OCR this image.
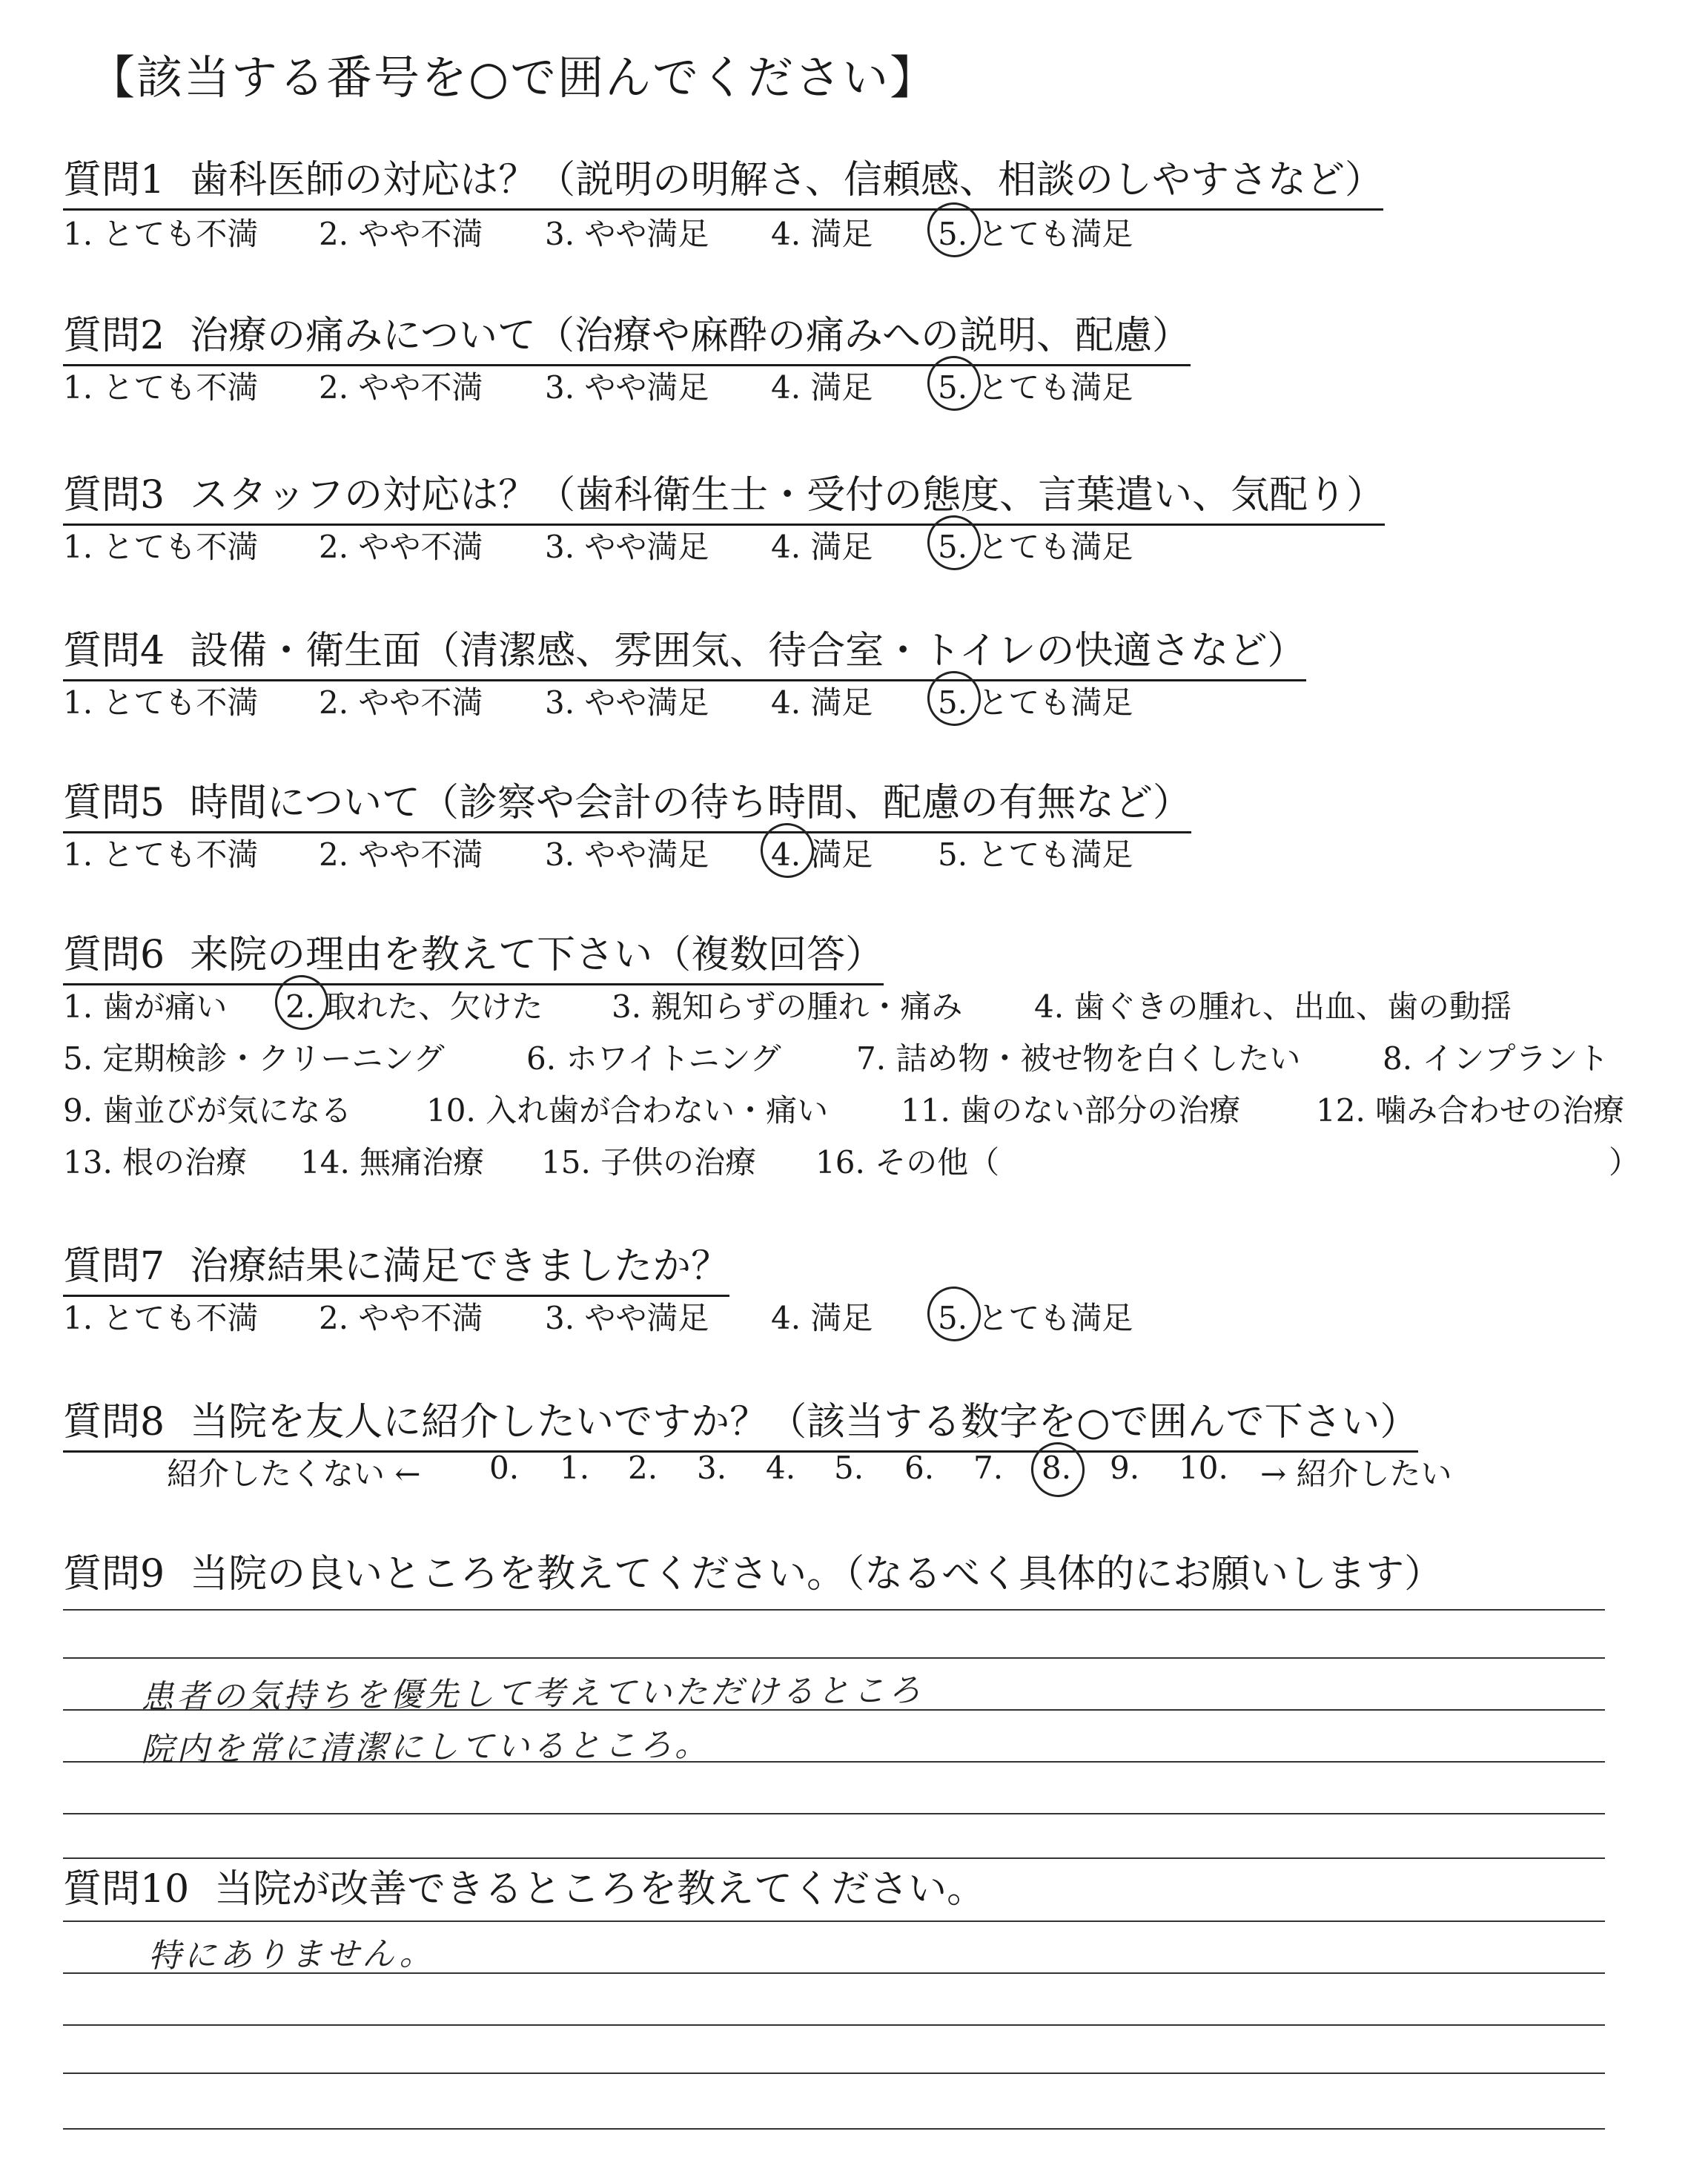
【該当する番号を○で囲んでください】
質問1 歯科医師の対応は？（説明の明解さ、信頼感、相談のしやすさなど）
1. とても不満 2. やや不満 3. やや満足 4. 満足 5. とても満足
質問2 治療の痛みについて（治療や麻酔の痛みへの説明、配慮）
1. とても不満 2. やや不満 3. やや満足 4. 満足 5. とても満足
質問3 スタッフの対応は？（歯科衛生士・受付の態度、言葉遣い、気配り）
1. とても不満 2. やや不満 3. やや満足 4. 満足 5. とても満足
質問4 設備・衛生面（清潔感、雰囲気、待合室・トイレの快適さなど）
1. とても不満 2. やや不満 3. やや満足 4. 満足 5. とても満足
質問5 時間について（診察や会計の待ち時間、配慮の有無など）
1. とても不満 2. やや不満 3. やや満足 4. 満足 5. とても満足
質問6 来院の理由を教えて下さい（複数回答）
1. 歯が痛い 2. 取れた、欠けた 3. 親知らずの腫れ・痛み 4. 歯ぐきの腫れ、出血、歯の動揺
5. 定期検診・クリーニング	6. ホワイトニング 7. 詰め物・被せ物を白くしたい	8. インプラント
9. 歯並びが気になる 10. 入れ歯が合わない・痛い 11. 歯のない部分の治療 12. 噛み合わせの治療
13. 根の治療 14. 無痛治療 15. 子供の治療 16. その他（	）
質問7 治療結果に満足できましたか？
1. とても不満 2. やや不満 3. やや満足 4. 満足 5. とても満足
質問8 当院を友人に紹介したいですか？（該当する数字を○で囲んで下さい）
紹介したくない ← 0. 1. 2. 3. 4. 5. 6. 7. 8. 9. 10. → 紹介したい
質問9 当院の良いところを教えてください。（なるべく具体的にお願いします）
患者の気持ちを優先して考えていただけるところ
院内を常に清潔にしているところ。
質問10 当院が改善できるところを教えてください。
特にありません。
